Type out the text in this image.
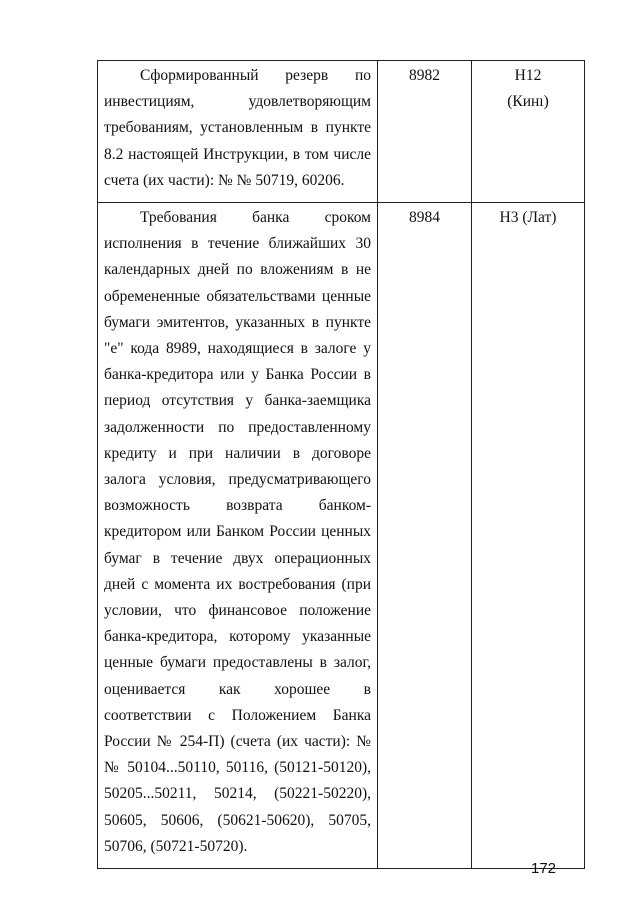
Сформированный резерв по инвестициям, удовлетворяющим требованиям, установленным в пункте 8.2 настоящей Инструкции, в том числе счета (их части): № № 50719, 60206.	8982	Н12
(Кинı)

Требования банка сроком исполнения в течение ближайших 30 календарных дней по вложениям в не обремененные обязательствами ценные бумаги эмитентов, указанных в пункте "е" кода 8989, находящиеся в залоге у банка-кредитора или у Банка России в период отсутствия у банка-заемщика задолженности по предоставленному кредиту и при наличии в договоре залога условия, предусматривающего возможность возврата банком-кредитором или Банком России ценных бумаг в течение двух операционных дней с момента их востребования (при условии, что финансовое положение банка-кредитора, которому указанные ценные бумаги предоставлены в залог, оценивается как хорошее в соответствии с Положением Банка России № 254-П) (счета (их части): № № 50104...50110, 50116, (50121-50120), 50205...50211, 50214, (50221-50220), 50605, 50606, (50621-50620), 50705, 50706, (50721-50720).	8984	Н3 (Лат)
172
